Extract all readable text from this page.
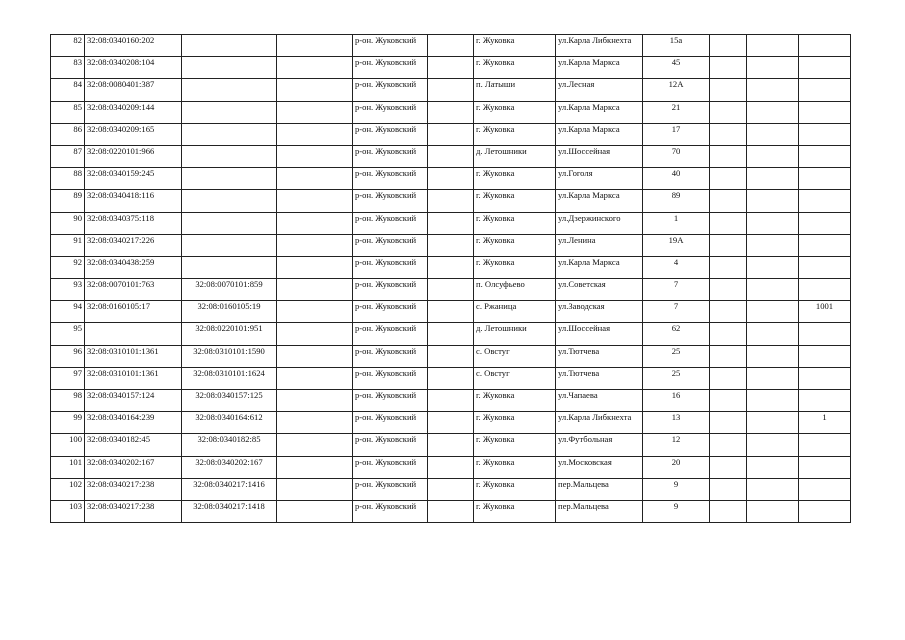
82	32:08:0340160:202			р-он. Жуковский		г. Жуковка	ул.Карла Либкнехта	15а			
83	32:08:0340208:104			р-он. Жуковский		г. Жуковка	ул.Карла Маркса	45			
84	32:08:0080401:387			р-он. Жуковский		п. Латыши	ул.Лесная	12А			
85	32:08:0340209:144			р-он. Жуковский		г. Жуковка	ул.Карла Маркса	21			
86	32:08:0340209:165			р-он. Жуковский		г. Жуковка	ул.Карла Маркса	17			
87	32:08:0220101:966			р-он. Жуковский		д. Летошники	ул.Шоссейная	70			
88	32:08:0340159:245			р-он. Жуковский		г. Жуковка	ул.Гоголя	40			
89	32:08:0340418:116			р-он. Жуковский		г. Жуковка	ул.Карла Маркса	89			
90	32:08:0340375:118			р-он. Жуковский		г. Жуковка	ул.Дзержинского	1			
91	32:08:0340217:226			р-он. Жуковский		г. Жуковка	ул.Ленина	19А			
92	32:08:0340438:259			р-он. Жуковский		г. Жуковка	ул.Карла Маркса	4			
93	32:08:0070101:763	32:08:0070101:859		р-он. Жуковский		п. Олсуфьево	ул.Советская	7			
94	32:08:0160105:17	32:08:0160105:19		р-он. Жуковский		с. Ржаница	ул.Заводская	7			1001
95		32:08:0220101:951		р-он. Жуковский		д. Летошники	ул.Шоссейная	62			
96	32:08:0310101:1361	32:08:0310101:1590		р-он. Жуковский		с. Овстуг	ул.Тютчева	25			
97	32:08:0310101:1361	32:08:0310101:1624		р-он. Жуковский		с. Овстуг	ул.Тютчева	25			
98	32:08:0340157:124	32:08:0340157:125		р-он. Жуковский		г. Жуковка	ул.Чапаева	16			
99	32:08:0340164:239	32:08:0340164:612		р-он. Жуковский		г. Жуковка	ул.Карла Либкнехта	13			1
100	32:08:0340182:45	32:08:0340182:85		р-он. Жуковский		г. Жуковка	ул.Футбольная	12			
101	32:08:0340202:167	32:08:0340202:167		р-он. Жуковский		г. Жуковка	ул.Московская	20			
102	32:08:0340217:238	32:08:0340217:1416		р-он. Жуковский		г. Жуковка	пер.Мальцева	9			
103	32:08:0340217:238	32:08:0340217:1418		р-он. Жуковский		г. Жуковка	пер.Мальцева	9			
